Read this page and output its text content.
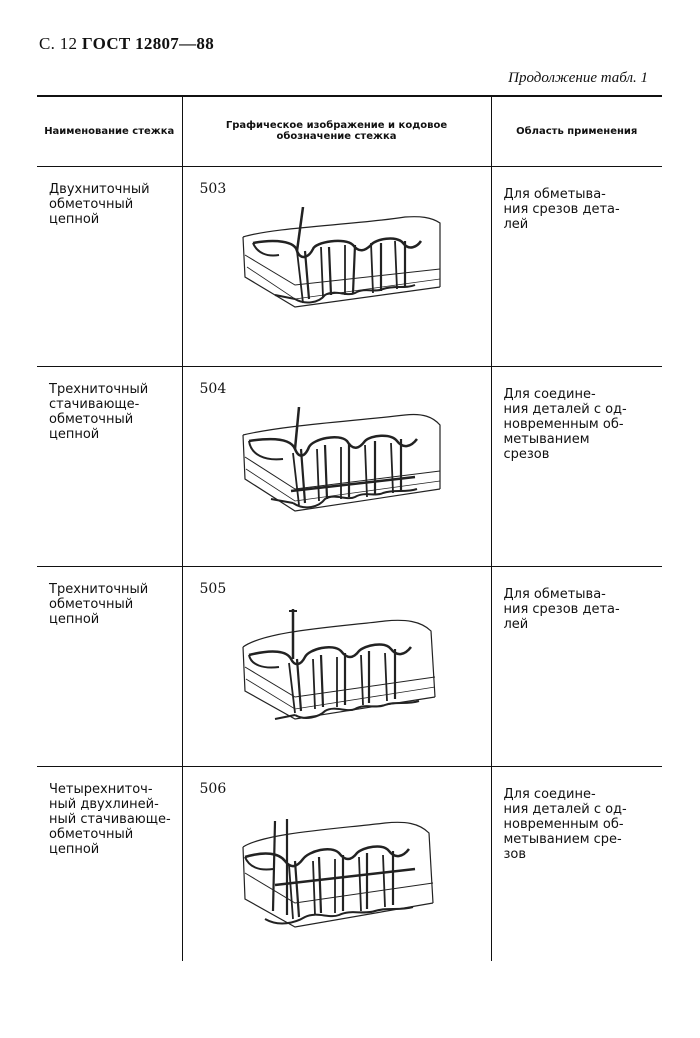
С. 12 ГОСТ 12807—88
Продолжение табл. 1
Наименование стежка	Графическое изображение и кодовое обозначение стежка	Область применения

Двухниточный
обметочный
цепной	503	Для обметыва-
ния срезов дета-
лей

Трехниточный
стачивающе-
обметочный
цепной	504	Для соедине-
ния деталей с од-
новременным об-
метыванием
срезов

Трехниточный
обметочный
цепной	505	Для обметыва-
ния срезов дета-
лей

Четырехниточ-
ный двухлиней-
ный стачивающе-
обметочный
цепной	506	Для соедине-
ния деталей с од-
новременным об-
метыванием сре-
зов
